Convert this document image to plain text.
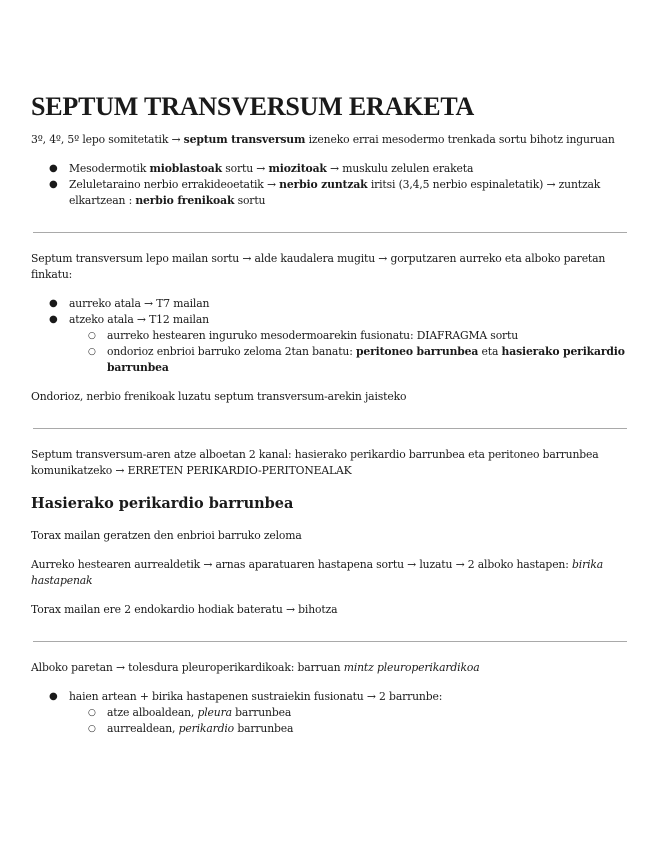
SEPTUM TRANSVERSUM ERAKETA

3º, 4º, 5º lepo somitetatik → septum transversum izeneko errai mesodermo trenkada sortu bihotz inguruan

● Mesodermotik mioblastoak sortu → miozitoak → muskulu zelulen eraketa

● Zeluletaraino nerbio errakideoetatik → nerbio zuntzak iritsi (3,4,5 nerbio espinaletatik) → zuntzak
elkartzean : nerbio frenikoak sortu

Septum transversum lepo mailan sortu → alde kaudalera mugitu → gorputzaren aurreko eta alboko paretan
finkatu:

● aurreko atala → T7 mailan

● atzeko atala → T12 mailan

○ aurreko hestearen inguruko mesodermoarekin fusionatu: DIAFRAGMA sortu

○ ondorioz enbrioi barruko zeloma 2tan banatu: peritoneo barrunbea eta hasierako perikardio
barrunbea

Ondorioz, nerbio frenikoak luzatu septum transversum-arekin jaisteko

Septum transversum-aren atze alboetan 2 kanal: hasierako perikardio barrunbea eta peritoneo barrunbea
komunikatzeko → ERRETEN PERIKARDIO-PERITONEALAK

Hasierako perikardio barrunbea

Torax mailan geratzen den enbrioi barruko zeloma

Aurreko hestearen aurrealdetik → arnas aparatuaren hastapena sortu → luzatu → 2 alboko hastapen: birika
hastapenak

Torax mailan ere 2 endokardio hodiak bateratu → bihotza

Alboko paretan → tolesdura pleuroperikardikoak: barruan mintz pleuroperikardikoa

● haien artean + birika hastapenen sustraiekin fusionatu → 2 barrunbe:

○ atze alboaldean, pleura barrunbea

○ aurrealdean, perikardio barrunbea
